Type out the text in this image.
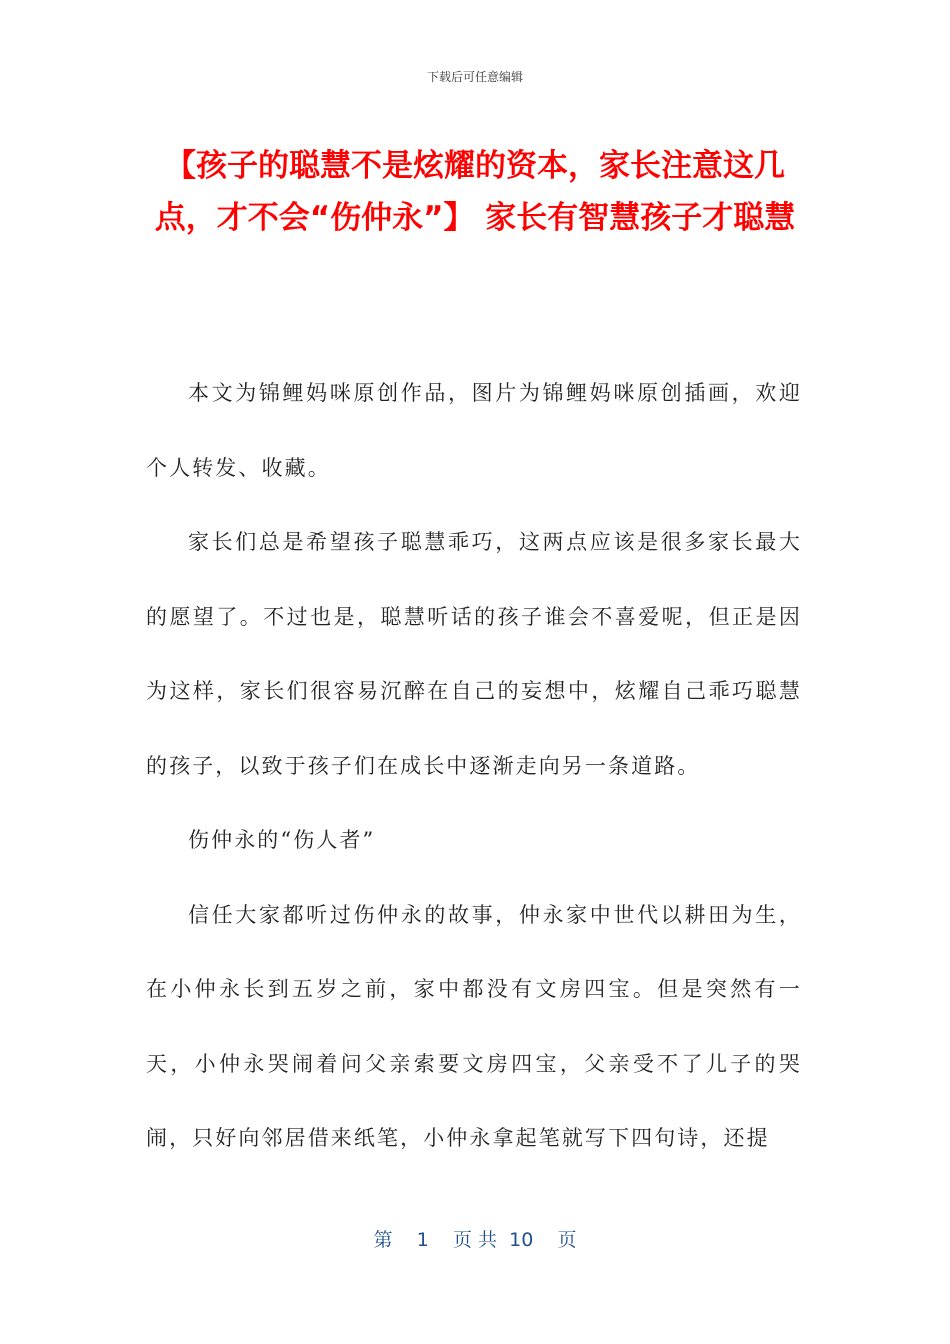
下载后可任意编辑
【孩子的聪慧不是炫耀的资本，家长注意这几点，才不会“伤仲永”】 家长有智慧孩子才聪慧

本文为锦鲤妈咪原创作品，图片为锦鲤妈咪原创插画，欢迎个人转发、收藏。

家长们总是希望孩子聪慧乖巧，这两点应该是很多家长最大的愿望了。不过也是，聪慧听话的孩子谁会不喜爱呢，但正是因为这样，家长们很容易沉醉在自己的妄想中，炫耀自己乖巧聪慧的孩子，以致于孩子们在成长中逐渐走向另一条道路。

伤仲永的“伤人者”

信任大家都听过伤仲永的故事，仲永家中世代以耕田为生，在小仲永长到五岁之前，家中都没有文房四宝。但是突然有一天，小仲永哭闹着问父亲索要文房四宝，父亲受不了儿子的哭闹，只好向邻居借来纸笔，小仲永拿起笔就写下四句诗，还提

第 1 页 共 10 页
